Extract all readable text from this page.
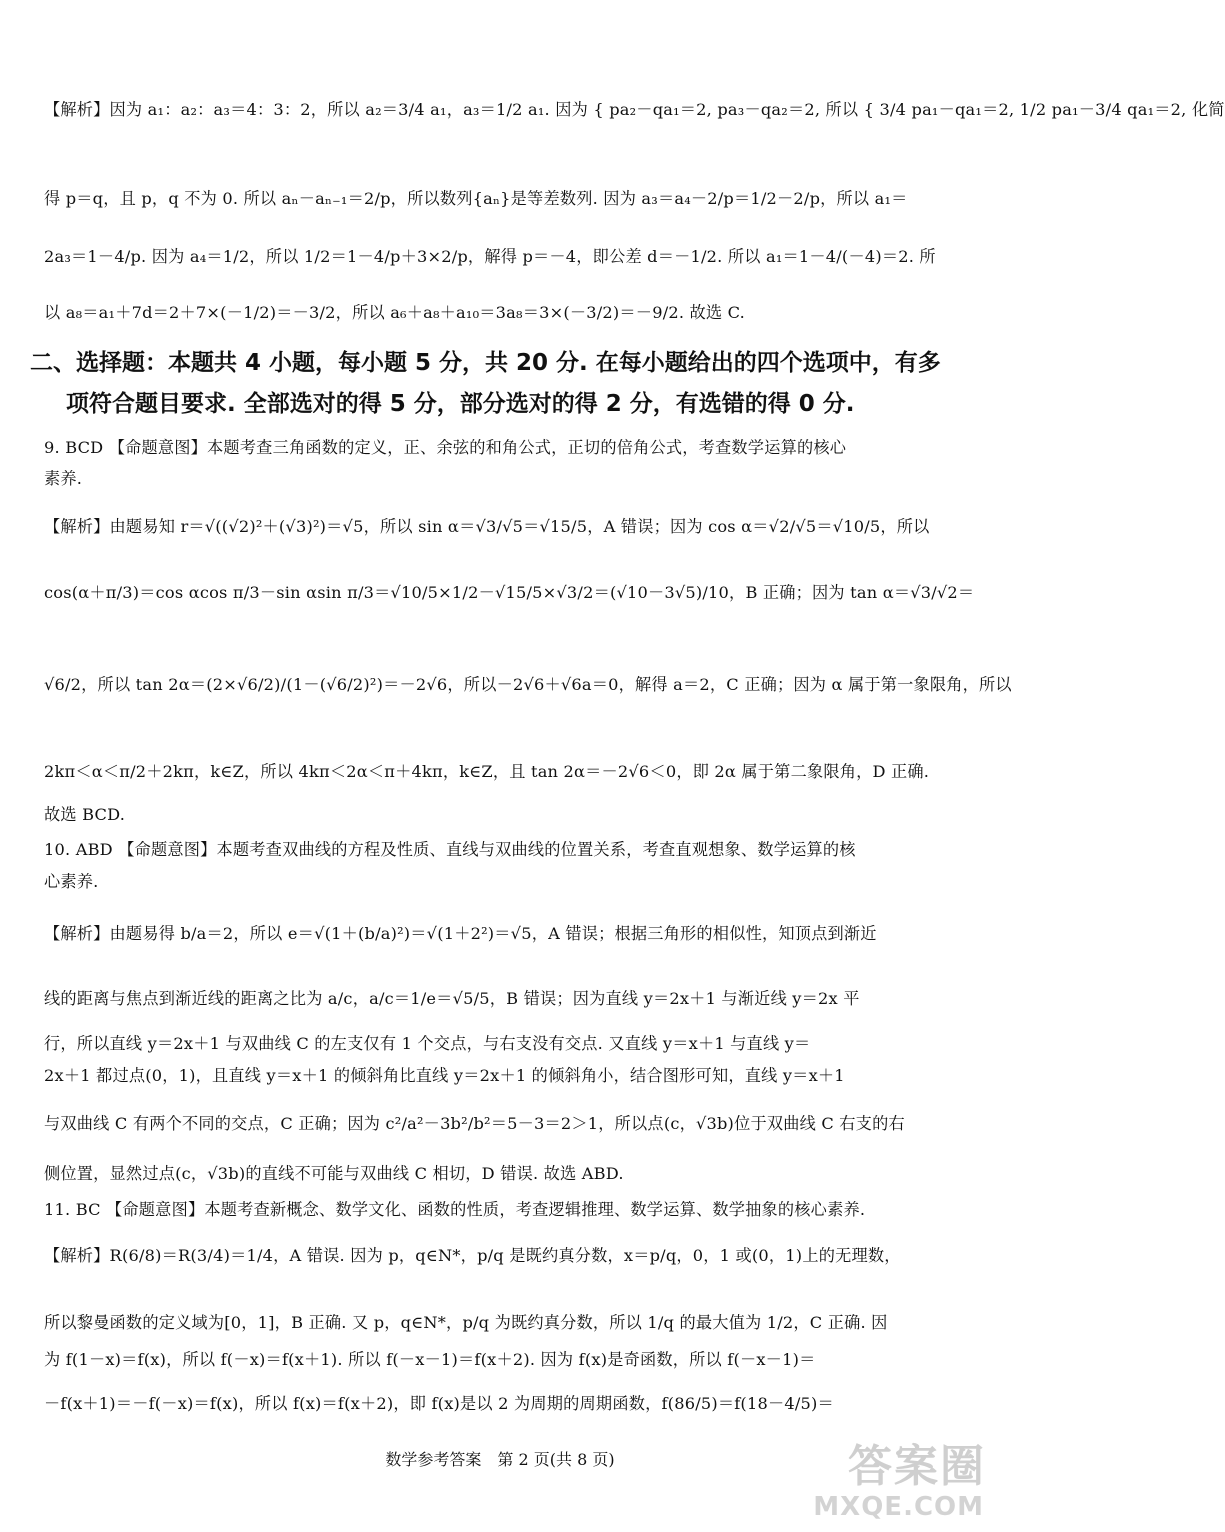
【解析】因为 a₁：a₂：a₃＝4：3：2，所以 a₂＝3/4 a₁，a₃＝1/2 a₁. 因为 { pa₂－qa₁＝2, pa₃－qa₂＝2, 所以 { 3/4 pa₁－qa₁＝2, 1/2 pa₁－3/4 qa₁＝2, 化简
得 p＝q，且 p，q 不为 0. 所以 aₙ－aₙ₋₁＝2/p，所以数列{aₙ}是等差数列. 因为 a₃＝a₄－2/p＝1/2－2/p，所以 a₁＝
2a₃＝1－4/p. 因为 a₄＝1/2，所以 1/2＝1－4/p＋3×2/p，解得 p＝－4，即公差 d＝－1/2. 所以 a₁＝1－4/(－4)＝2. 所
以 a₈＝a₁＋7d＝2＋7×(－1/2)＝－3/2，所以 a₆＋a₈＋a₁₀＝3a₈＝3×(－3/2)＝－9/2. 故选 C.
二、选择题：本题共 4 小题，每小题 5 分，共 20 分. 在每小题给出的四个选项中，有多
项符合题目要求. 全部选对的得 5 分，部分选对的得 2 分，有选错的得 0 分.
9. BCD 【命题意图】本题考查三角函数的定义，正、余弦的和角公式，正切的倍角公式，考查数学运算的核心
素养.
【解析】由题易知 r＝√((√2)²＋(√3)²)＝√5，所以 sin α＝√3/√5＝√15/5，A 错误；因为 cos α＝√2/√5＝√10/5，所以
cos(α＋π/3)＝cos αcos π/3－sin αsin π/3＝√10/5×1/2－√15/5×√3/2＝(√10－3√5)/10，B 正确；因为 tan α＝√3/√2＝
√6/2，所以 tan 2α＝(2×√6/2)/(1－(√6/2)²)＝－2√6，所以－2√6＋√6a＝0，解得 a＝2，C 正确；因为 α 属于第一象限角，所以
2kπ＜α＜π/2＋2kπ，k∈Z，所以 4kπ＜2α＜π＋4kπ，k∈Z，且 tan 2α＝－2√6＜0，即 2α 属于第二象限角，D 正确.
故选 BCD.
10. ABD 【命题意图】本题考查双曲线的方程及性质、直线与双曲线的位置关系，考查直观想象、数学运算的核
心素养.
【解析】由题易得 b/a＝2，所以 e＝√(1＋(b/a)²)＝√(1＋2²)＝√5，A 错误；根据三角形的相似性，知顶点到渐近
线的距离与焦点到渐近线的距离之比为 a/c，a/c＝1/e＝√5/5，B 错误；因为直线 y＝2x＋1 与渐近线 y＝2x 平
行，所以直线 y＝2x＋1 与双曲线 C 的左支仅有 1 个交点，与右支没有交点. 又直线 y＝x＋1 与直线 y＝
2x＋1 都过点(0，1)，且直线 y＝x＋1 的倾斜角比直线 y＝2x＋1 的倾斜角小，结合图形可知，直线 y＝x＋1
与双曲线 C 有两个不同的交点，C 正确；因为 c²/a²－3b²/b²＝5－3＝2＞1，所以点(c，√3b)位于双曲线 C 右支的右
侧位置，显然过点(c，√3b)的直线不可能与双曲线 C 相切，D 错误. 故选 ABD.
11. BC 【命题意图】本题考查新概念、数学文化、函数的性质，考查逻辑推理、数学运算、数学抽象的核心素养.
【解析】R(6/8)＝R(3/4)＝1/4，A 错误. 因为 p，q∈N*，p/q 是既约真分数，x＝p/q，0，1 或(0，1)上的无理数，
所以黎曼函数的定义域为[0，1]，B 正确. 又 p，q∈N*，p/q 为既约真分数，所以 1/q 的最大值为 1/2，C 正确. 因
为 f(1－x)＝f(x)，所以 f(－x)＝f(x＋1). 所以 f(－x－1)＝f(x＋2). 因为 f(x)是奇函数，所以 f(－x－1)＝
－f(x＋1)＝－f(－x)＝f(x)，所以 f(x)＝f(x＋2)，即 f(x)是以 2 为周期的周期函数，f(86/5)＝f(18－4/5)＝
数学参考答案　第 2 页(共 8 页)	答案圈
MXQE.COM
